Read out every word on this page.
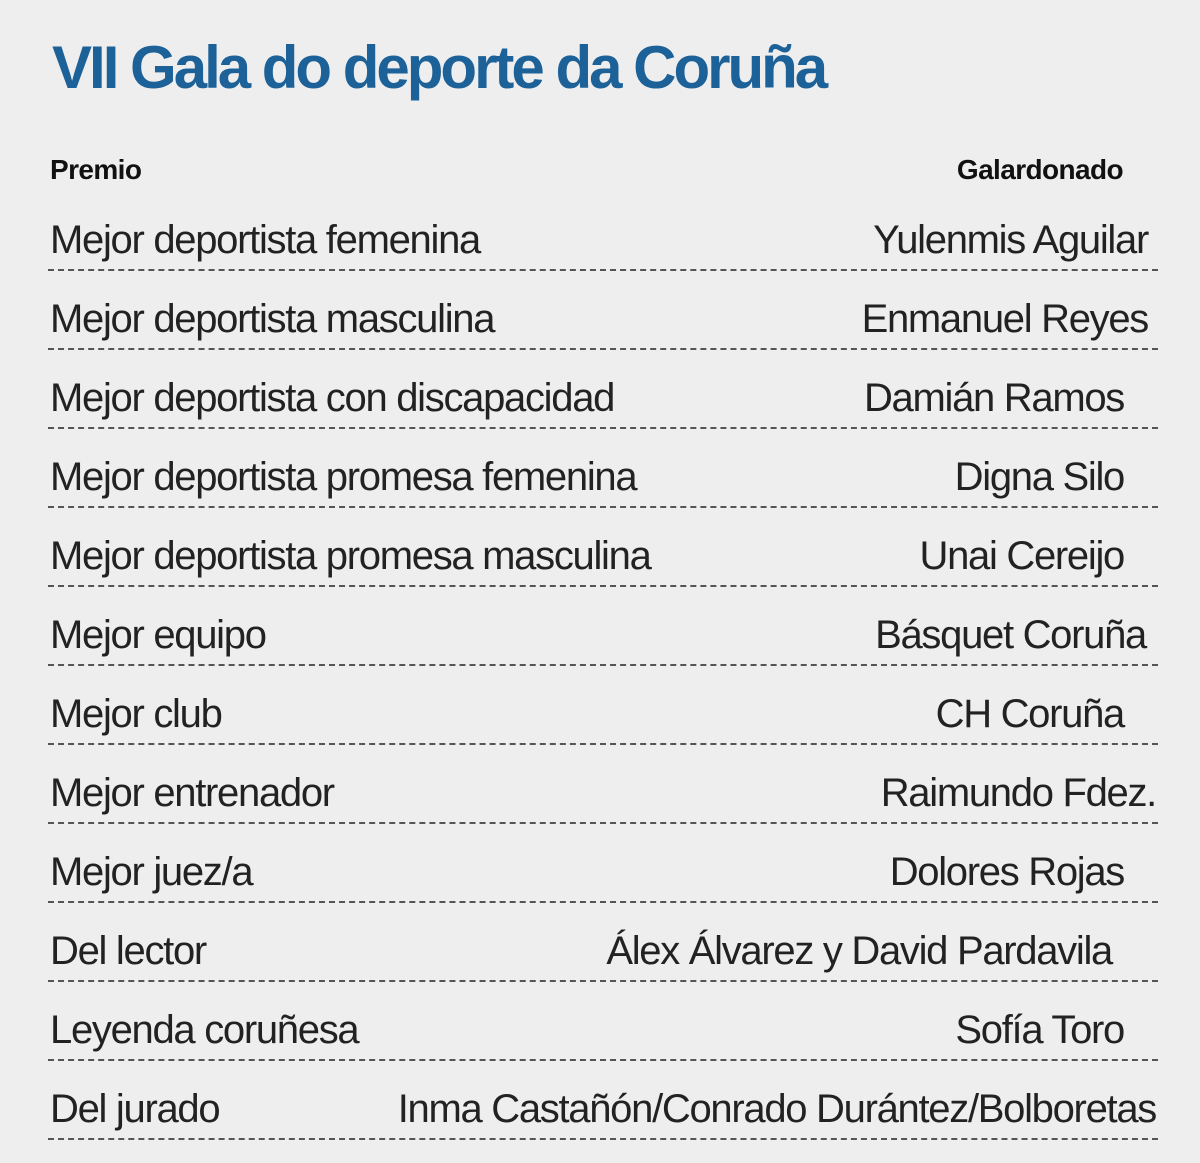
VII Gala do deporte da Coruña
Premio	Galardonado
Mejor deportista femenina	Yulenmis Aguilar
Mejor deportista masculina	Enmanuel Reyes
Mejor deportista con discapacidad	Damián Ramos
Mejor deportista promesa femenina	Digna Silo
Mejor deportista promesa masculina	Unai Cereijo
Mejor equipo	Básquet Coruña
Mejor club	CH Coruña
Mejor entrenador	Raimundo Fdez.
Mejor juez/a	Dolores Rojas
Del lector	Álex Álvarez y David Pardavila
Leyenda coruñesa	Sofía Toro
Del jurado	Inma Castañón/Conrado Durántez/Bolboretas
